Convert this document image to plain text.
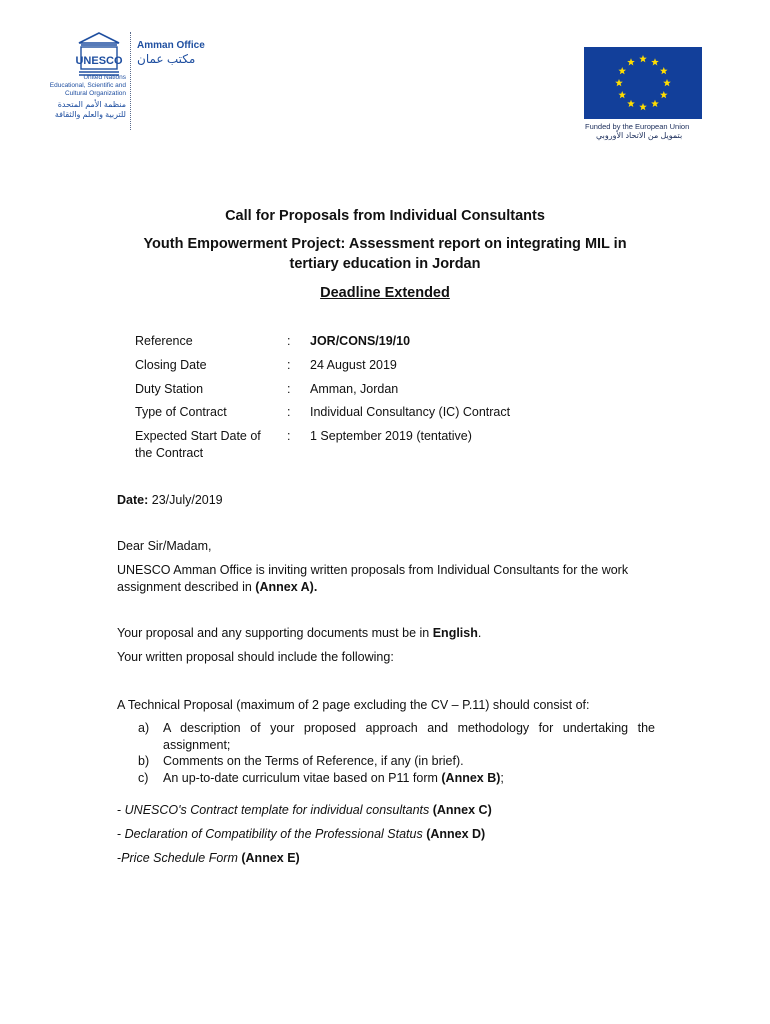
UNESCO
Amman Office
مكتب عمان
United Nations
Educational, Scientific and
Cultural Organization
منظمة الأمم المتحدة
للتربية والعلم والثقافة
Funded by the European Union
بتمويل من الاتحاد الأوروبي
Call for Proposals from Individual Consultants
Youth Empowerment Project: Assessment report on integrating MIL in
tertiary education in Jordan
Deadline Extended
Reference	: JOR/CONS/19/10
Closing Date	: 24 August 2019
Duty Station	: Amman, Jordan
Type of Contract	: Individual Consultancy (IC) Contract
Expected Start Date of
the Contract
: 1 September 2019 (tentative)
Date: 23/July/2019
Dear Sir/Madam,
UNESCO Amman Office is inviting written proposals from Individual Consultants for the work
assignment described in (Annex A).
Your proposal and any supporting documents must be in English.
Your written proposal should include the following:
A Technical Proposal (maximum of 2 page excluding the CV – P.11) should consist of:
a) A description of your proposed approach and methodology for undertaking the assignment;
b) Comments on the Terms of Reference, if any (in brief).
c) An up-to-date curriculum vitae based on P11 form (Annex B);
- UNESCO's Contract template for individual consultants (Annex C)
- Declaration of Compatibility of the Professional Status (Annex D)
-Price Schedule Form (Annex E)
